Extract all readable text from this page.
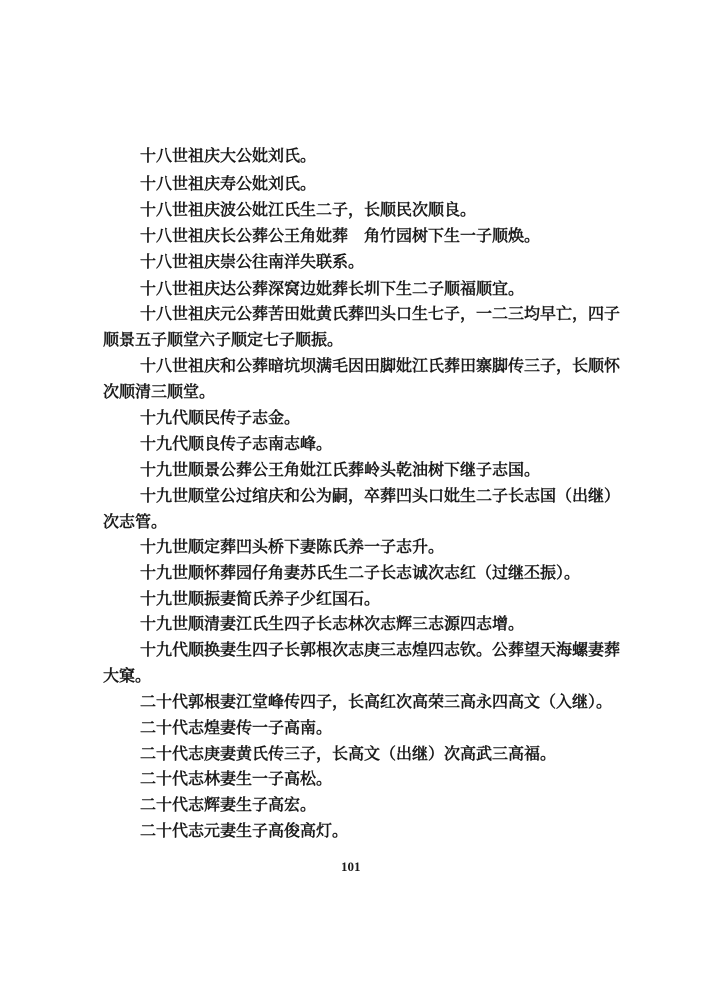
十八世祖庆大公妣刘氏。
十八世祖庆寿公妣刘氏。
十八世祖庆波公妣江氏生二子，长顺民次顺良。
十八世祖庆长公葬公王角妣葬　角竹园树下生一子顺焕。
十八世祖庆崇公往南洋失联系。
十八世祖庆达公葬深窝边妣葬长圳下生二子顺福顺宜。
十八世祖庆元公葬苦田妣黄氏葬凹头口生七子，一二三均早亡，四子
顺景五子顺堂六子顺定七子顺振。
十八世祖庆和公葬暗坑坝满毛因田脚妣江氏葬田寨脚传三子，长顺怀
次顺清三顺堂。
十九代顺民传子志金。
十九代顺良传子志南志峰。
十九世顺景公葬公王角妣江氏葬岭头乾油树下继子志国。
十九世顺堂公过绾庆和公为嗣，卒葬凹头口妣生二子长志国（出继）
次志管。
十九世顺定葬凹头桥下妻陈氏养一子志升。
十九世顺怀葬园仔角妻苏氏生二子长志诚次志红（过继丕振）。
十九世顺振妻简氏养子少红国石。
十九世顺清妻江氏生四子长志林次志辉三志源四志增。
十九代顺换妻生四子长郭根次志庚三志煌四志钦。公葬望天海螺妻葬
大窠。
二十代郭根妻江堂峰传四子，长高红次高荣三高永四高文（入继）。
二十代志煌妻传一子高南。
二十代志庚妻黄氏传三子，长高文（出继）次高武三高福。
二十代志林妻生一子高松。
二十代志辉妻生子高宏。
二十代志元妻生子高俊高灯。
101
